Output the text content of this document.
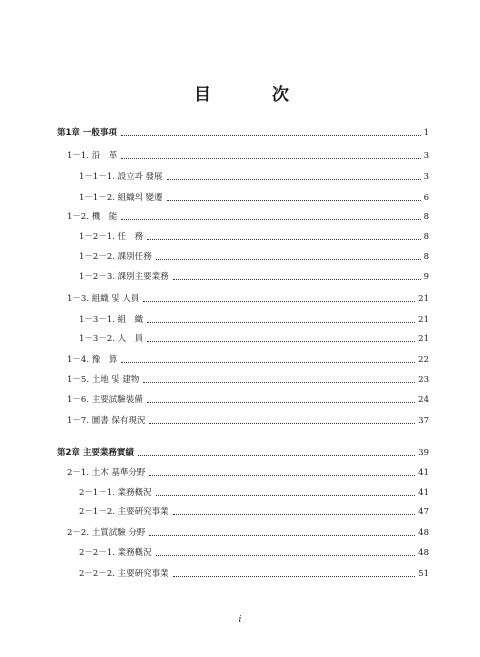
目	次
第1章 一般事項	1
1－1. 沿　革	3
1－1－1. 設立과 發展	3
1－1－2. 組織의 變遷	6
1－2. 機　能	8
1－2－1. 任　務	8
1－2－2. 課別任務	8
1－2－3. 課別主要業務	9
1－3. 組織 및 人員	21
1－3－1. 組　織	21
1－3－2. 人　員	21
1－4. 豫　算	22
1－5. 土地 및 建物	23
1－6. 主要試驗裝備	24
1－7. 圖書 保有現況	37
第2章 主要業務實績	39
2－1. 土木 基準分野	41
2－1－1. 業務槪況	41
2－1－2. 主要硏究事業	47
2－2. 土質試驗 分野	48
2－2－1. 業務槪況	48
2－2－2. 主要硏究事業	51
i
